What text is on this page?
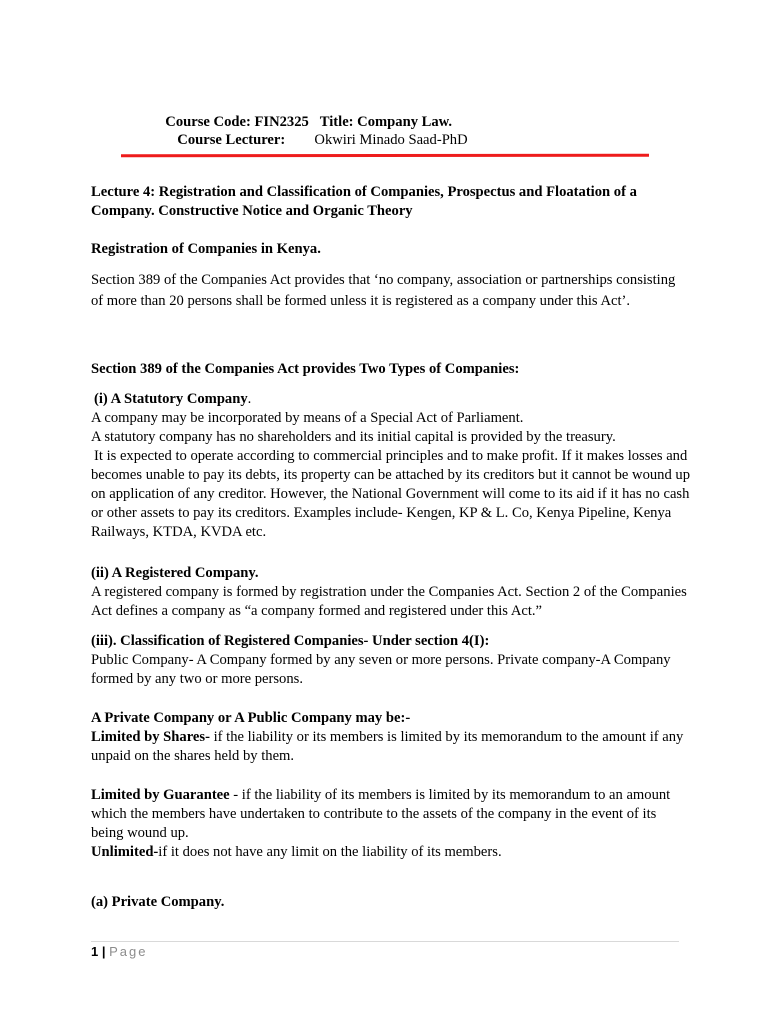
Course Code: FIN2325 Title: Company Law.

Course Lecturer: Okwiri Minado Saad-PhD

Lecture 4: Registration and Classification of Companies, Prospectus and Floatation of a Company. Constructive Notice and Organic Theory

Registration of Companies in Kenya.

Section 389 of the Companies Act provides that ‘no company, association or partnerships consisting of more than 20 persons shall be formed unless it is registered as a company under this Act’.

Section 389 of the Companies Act provides Two Types of Companies:

(i) A Statutory Company.

A company may be incorporated by means of a Special Act of Parliament.

A statutory company has no shareholders and its initial capital is provided by the treasury.

It is expected to operate according to commercial principles and to make profit. If it makes losses and becomes unable to pay its debts, its property can be attached by its creditors but it cannot be wound up on application of any creditor. However, the National Government will come to its aid if it has no cash or other assets to pay its creditors. Examples include- Kengen, KP & L. Co, Kenya Pipeline, Kenya Railways, KTDA, KVDA etc.

(ii) A Registered Company.

A registered company is formed by registration under the Companies Act. Section 2 of the Companies Act defines a company as “a company formed and registered under this Act.”

(iii). Classification of Registered Companies- Under section 4(I):

Public Company- A Company formed by any seven or more persons. Private company-A Company formed by any two or more persons.

A Private Company or A Public Company may be:-

Limited by Shares- if the liability or its members is limited by its memorandum to the amount if any unpaid on the shares held by them.

Limited by Guarantee - if the liability of its members is limited by its memorandum to an amount which the members have undertaken to contribute to the assets of the company in the event of its being wound up.

Unlimited-if it does not have any limit on the liability of its members.

(a) Private Company.

1 | Page
